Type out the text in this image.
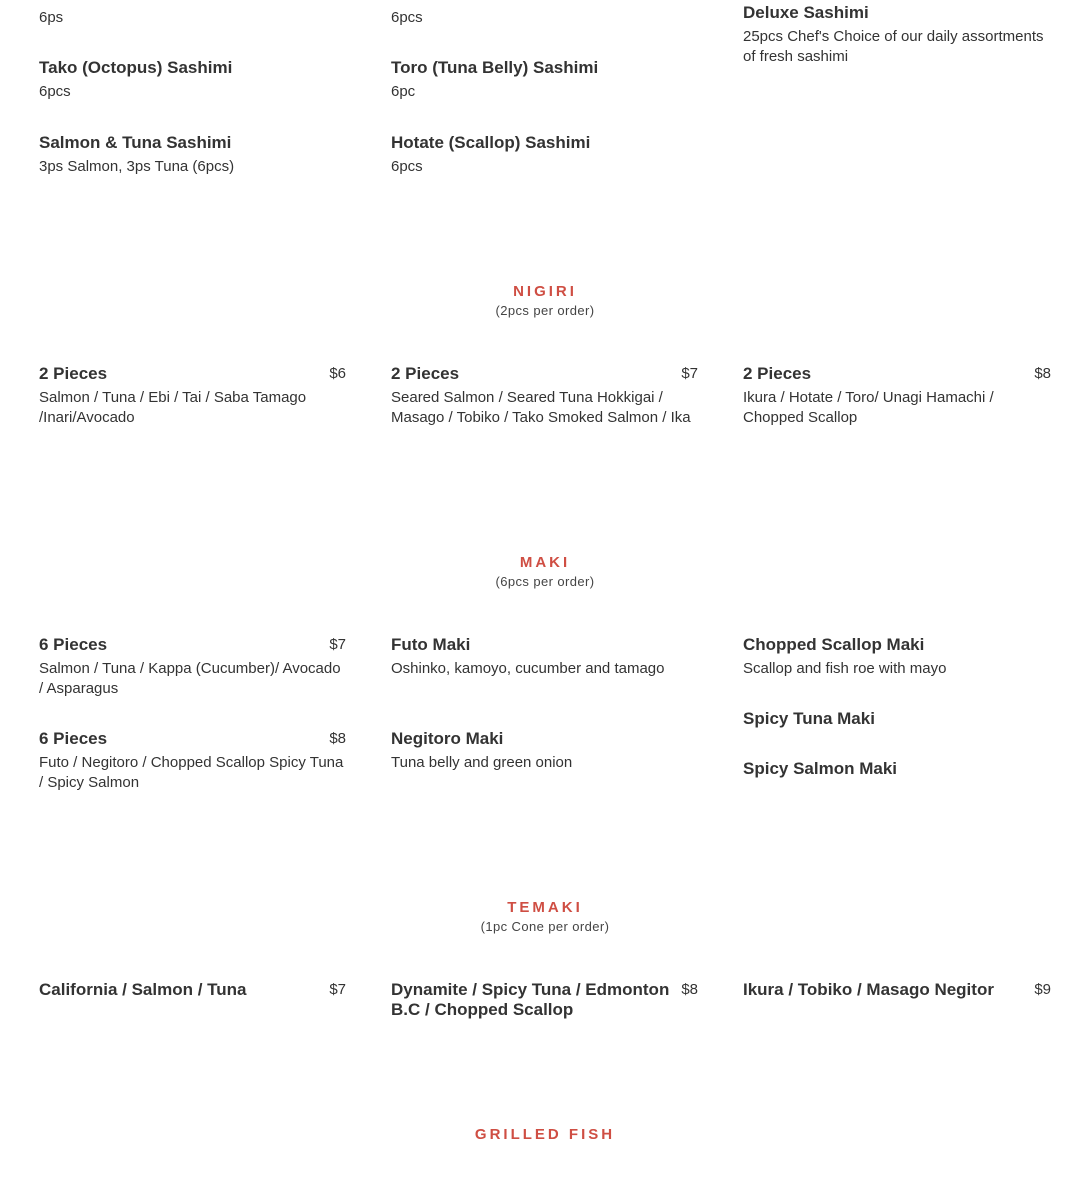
6ps
Tako (Octopus) Sashimi
6pcs
Salmon & Tuna Sashimi
3ps Salmon, 3ps Tuna (6pcs)
6pcs
Toro (Tuna Belly) Sashimi
6pc
Hotate (Scallop) Sashimi
6pcs
Deluxe Sashimi
25pcs Chef's Choice of our daily assortments of fresh sashimi
NIGIRI
(2pcs per order)
2 Pieces	$6
Salmon / Tuna / Ebi / Tai / Saba Tamago /Inari/Avocado
2 Pieces	$7
Seared Salmon / Seared Tuna Hokkigai / Masago / Tobiko / Tako Smoked Salmon / Ika
2 Pieces	$8
Ikura / Hotate / Toro/ Unagi Hamachi / Chopped Scallop
MAKI
(6pcs per order)
6 Pieces	$7
Salmon / Tuna / Kappa (Cucumber)/ Avocado / Asparagus
6 Pieces	$8
Futo / Negitoro / Chopped Scallop Spicy Tuna / Spicy Salmon
Futo Maki
Oshinko, kamoyo, cucumber and tamago
Negitoro Maki
Tuna belly and green onion
Chopped Scallop Maki
Scallop and fish roe with mayo
Spicy Tuna Maki
Spicy Salmon Maki
TEMAKI
(1pc Cone per order)
California / Salmon / Tuna	$7	Dynamite / Spicy Tuna / Edmonton B.C / Chopped Scallop
$8	Ikura / Tobiko / Masago Negitor	$9
GRILLED FISH
